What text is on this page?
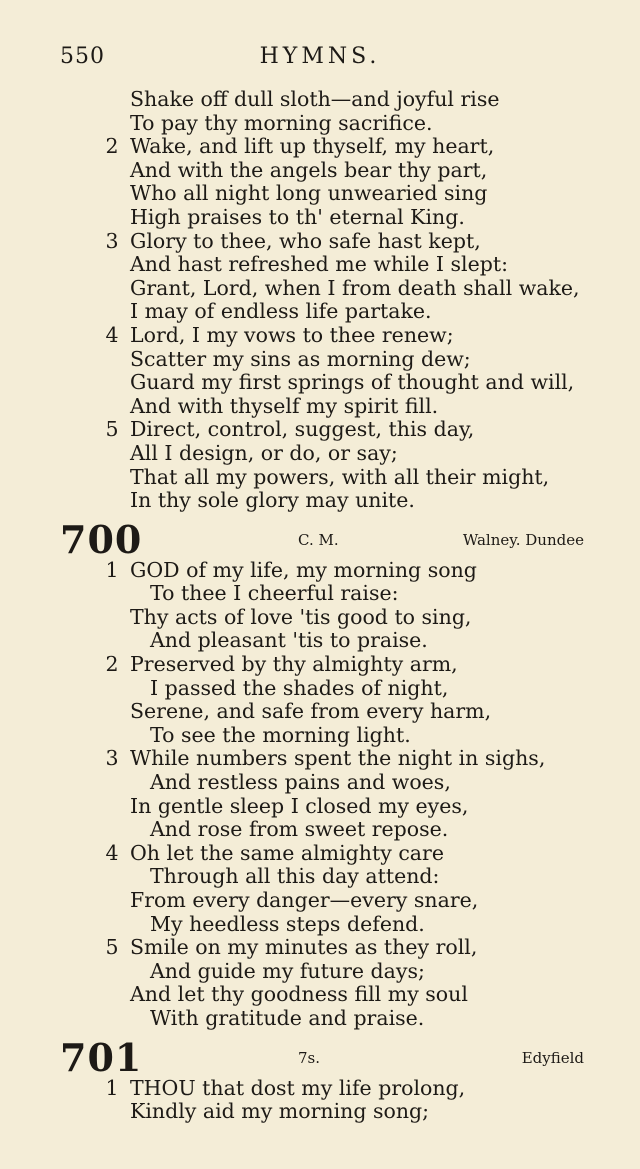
550	HYMNS.
Shake off dull sloth—and joyful rise
To pay thy morning sacrifice.
2 Wake, and lift up thyself, my heart,
And with the angels bear thy part,
Who all night long unwearied sing
High praises to th' eternal King.
3 Glory to thee, who safe hast kept,
And hast refreshed me while I slept:
Grant, Lord, when I from death shall wake,
I may of endless life partake.
4 Lord, I my vows to thee renew;
Scatter my sins as morning dew;
Guard my first springs of thought and will,
And with thyself my spirit fill.
5 Direct, control, suggest, this day,
All I design, or do, or say;
That all my powers, with all their might,
In thy sole glory may unite.
700	C. M.	Walney. Dundee
1 GOD of my life, my morning song
To thee I cheerful raise:
Thy acts of love 'tis good to sing,
And pleasant 'tis to praise.
2 Preserved by thy almighty arm,
I passed the shades of night,
Serene, and safe from every harm,
To see the morning light.
3 While numbers spent the night in sighs,
And restless pains and woes,
In gentle sleep I closed my eyes,
And rose from sweet repose.
4 Oh let the same almighty care
Through all this day attend:
From every danger—every snare,
My heedless steps defend.
5 Smile on my minutes as they roll,
And guide my future days;
And let thy goodness fill my soul
With gratitude and praise.
701	7s.	Edyfield
1 THOU that dost my life prolong,
Kindly aid my morning song;
